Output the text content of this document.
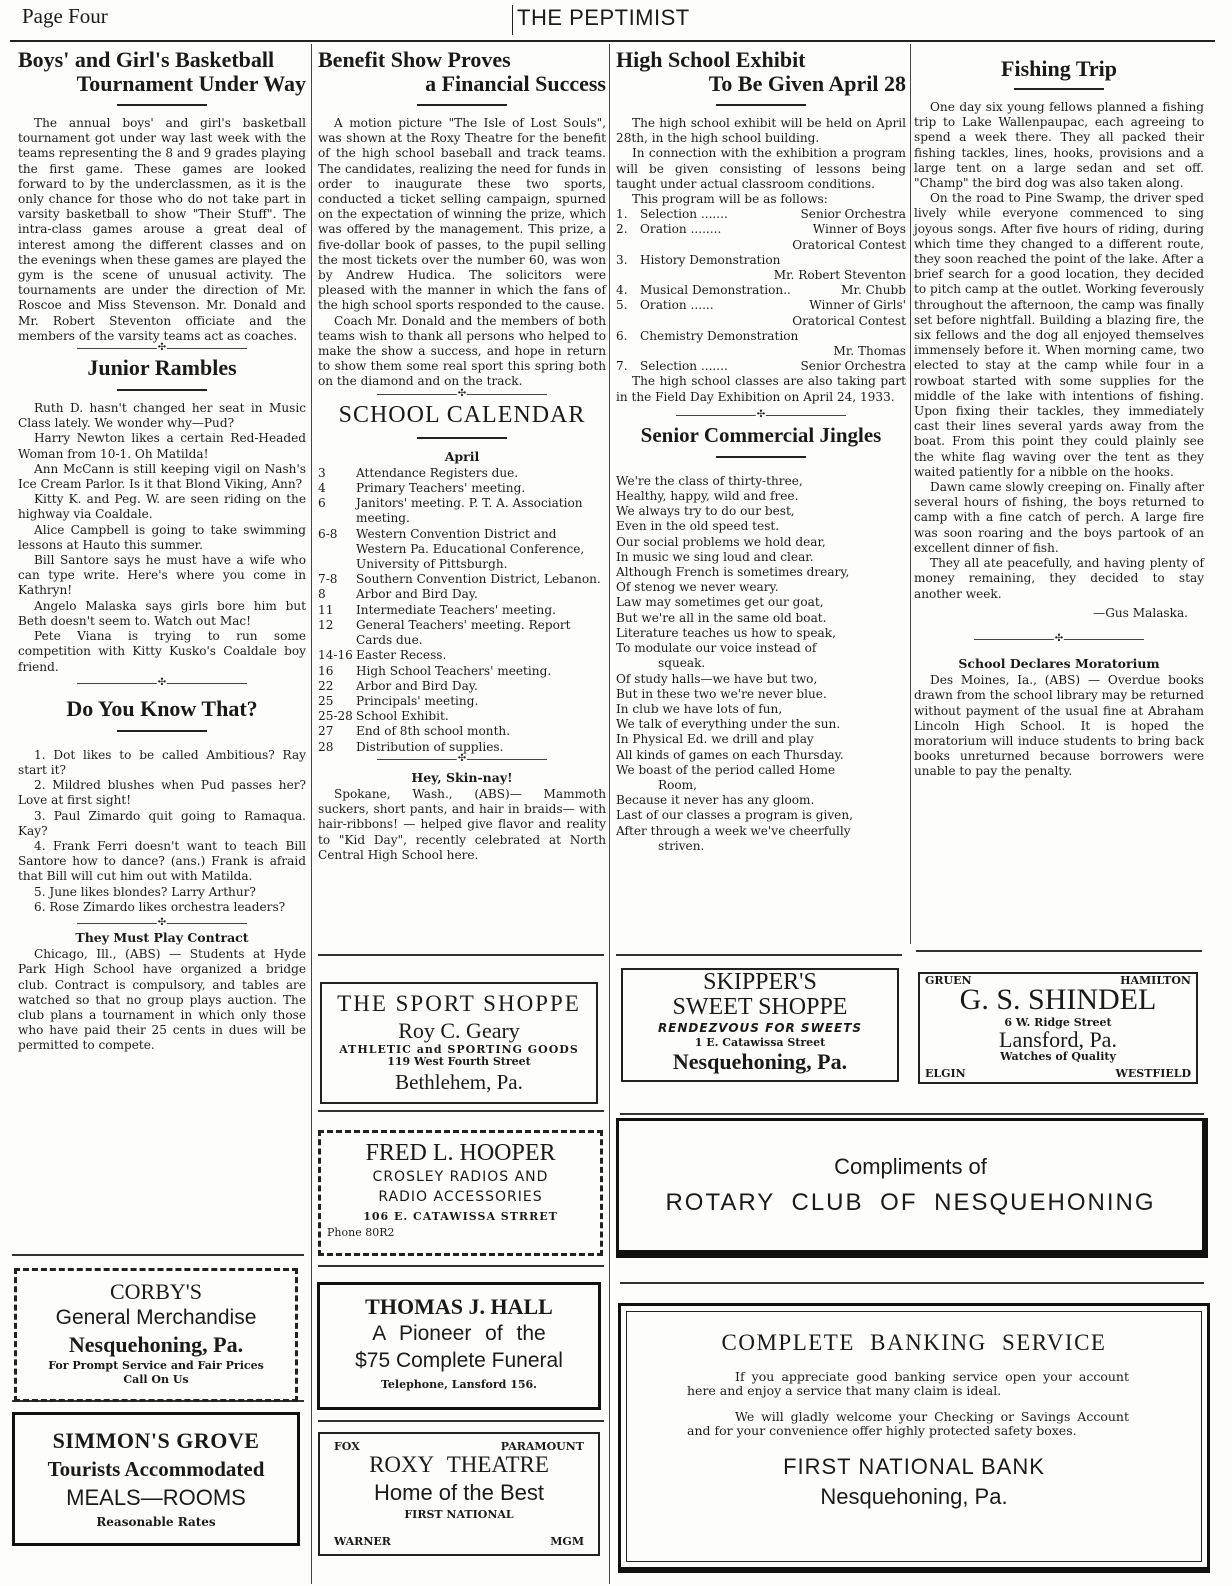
Page Four	THE PEPTIMIST
Boys' and Girl's Basketball
Tournament Under Way

The annual boys' and girl's basketball tournament got under way last week with the teams representing the 8 and 9 grades playing the first game. These games are looked forward to by the underclassmen, as it is the only chance for those who do not take part in varsity basketball to show "Their Stuff". The intra-class games arouse a great deal of interest among the different classes and on the evenings when these games are played the gym is the scene of unusual activity. The tournaments are under the direction of Mr. Roscoe and Miss Stevenson. Mr. Donald and Mr. Robert Steventon officiate and the members of the varsity teams act as coaches.

✣
Junior Rambles

Ruth D. hasn't changed her seat in Music Class lately. We wonder why—Pud?

Harry Newton likes a certain Red-Headed Woman from 10-1. Oh Matilda!

Ann McCann is still keeping vigil on Nash's Ice Cream Parlor. Is it that Blond Viking, Ann?

Kitty K. and Peg. W. are seen riding on the highway via Coaldale.

Alice Campbell is going to take swimming lessons at Hauto this summer.

Bill Santore says he must have a wife who can type write. Here's where you come in Kathryn!

Angelo Malaska says girls bore him but Beth doesn't seem to. Watch out Mac!

Pete Viana is trying to run some competition with Kitty Kusko's Coaldale boy friend.

✣
Do You Know That?

1. Dot likes to be called Ambitious? Ray start it?

2. Mildred blushes when Pud passes her? Love at first sight!

3. Paul Zimardo quit going to Ramaqua. Kay?

4. Frank Ferri doesn't want to teach Bill Santore how to dance? (ans.) Frank is afraid that Bill will cut him out with Matilda.

5. June likes blondes? Larry Arthur?

6. Rose Zimardo likes orchestra leaders?

✣
They Must Play Contract

Chicago, Ill., (ABS) — Students at Hyde Park High School have organized a bridge club. Contract is compulsory, and tables are watched so that no group plays auction. The club plans a tournament in which only those who have paid their 25 cents in dues will be permitted to compete.

Benefit Show Proves
a Financial Success

A motion picture "The Isle of Lost Souls", was shown at the Roxy Theatre for the benefit of the high school baseball and track teams. The candidates, realizing the need for funds in order to inaugurate these two sports, conducted a ticket selling campaign, spurned on the expectation of winning the prize, which was offered by the management. This prize, a five-dollar book of passes, to the pupil selling the most tickets over the number 60, was won by Andrew Hudica. The solicitors were pleased with the manner in which the fans of the high school sports responded to the cause.

Coach Mr. Donald and the members of both teams wish to thank all persons who helped to make the show a success, and hope in return to show them some real sport this spring both on the diamond and on the track.

✣
SCHOOL CALENDAR
April
3	Attendance Registers due.
4	Primary Teachers' meeting.
6	Janitors' meeting. P. T. A. Association meeting.
6-8	Western Convention District and Western Pa. Educational Conference, University of Pittsburgh.
7-8	Southern Convention District, Lebanon.
8	Arbor and Bird Day.
11	Intermediate Teachers' meeting.
12	General Teachers' meeting. Report Cards due.
14-16 Easter Recess.
16	High School Teachers' meeting.
22	Arbor and Bird Day.
25	Principals' meeting.
25-28 School Exhibit.
27	End of 8th school month.
28	Distribution of supplies.
✣
Hey, Skin-nay!

Spokane, Wash., (ABS)— Mammoth suckers, short pants, and hair in braids— with hair-ribbons! — helped give flavor and reality to "Kid Day", recently celebrated at North Central High School here.

High School Exhibit
To Be Given April 28

The high school exhibit will be held on April 28th, in the high school building.

In connection with the exhibition a program will be given consisting of lessons being taught under actual classroom conditions.

This program will be as follows:

1. Selection .......	Senior Orchestra
2. Oration ........	Winner of Boys
Oratorical Contest
3. History Demonstration
Mr. Robert Steventon
4. Musical Demonstration..	Mr. Chubb
5. Oration ......	Winner of Girls'
Oratorical Contest
6. Chemistry Demonstration
Mr. Thomas
7. Selection .......	Senior Orchestra

The high school classes are also taking part in the Field Day Exhibition on April 24, 1933.

✣
Senior Commercial Jingles

We're the class of thirty-three,

Healthy, happy, wild and free.

We always try to do our best,

Even in the old speed test.

Our social problems we hold dear,

In music we sing loud and clear.

Although French is sometimes dreary,

Of stenog we never weary.

Law may sometimes get our goat,

But we're all in the same old boat.

Literature teaches us how to speak,

To modulate our voice instead of

squeak.

Of study halls—we have but two,

But in these two we're never blue.

In club we have lots of fun,

We talk of everything under the sun.

In Physical Ed. we drill and play

All kinds of games on each Thursday.

We boast of the period called Home

Room,

Because it never has any gloom.

Last of our classes a program is given,

After through a week we've cheerfully

striven.

Fishing Trip

One day six young fellows planned a fishing trip to Lake Wallenpaupac, each agreeing to spend a week there. They all packed their fishing tackles, lines, hooks, provisions and a large tent on a large sedan and set off. "Champ" the bird dog was also taken along.

On the road to Pine Swamp, the driver sped lively while everyone commenced to sing joyous songs. After five hours of riding, during which time they changed to a different route, they soon reached the point of the lake. After a brief search for a good location, they decided to pitch camp at the outlet. Working feverously throughout the afternoon, the camp was finally set before nightfall. Building a blazing fire, the six fellows and the dog all enjoyed themselves immensely before it. When morning came, two elected to stay at the camp while four in a rowboat started with some supplies for the middle of the lake with intentions of fishing. Upon fixing their tackles, they immediately cast their lines several yards away from the boat. From this point they could plainly see the white flag waving over the tent as they waited patiently for a nibble on the hooks.

Dawn came slowly creeping on. Finally after several hours of fishing, the boys returned to camp with a fine catch of perch. A large fire was soon roaring and the boys partook of an excellent dinner of fish.

They all ate peacefully, and having plenty of money remaining, they decided to stay another week.

—Gus Malaska.
✣
School Declares Moratorium

Des Moines, Ia., (ABS) — Overdue books drawn from the school library may be returned without payment of the usual fine at Abraham Lincoln High School. It is hoped the moratorium will induce students to bring back books unreturned because borrowers were unable to pay the penalty.

THE SPORT SHOPPE
Roy C. Geary
ATHLETIC and SPORTING GOODS
119 West Fourth Street
Bethlehem, Pa.
SKIPPER'S
SWEET SHOPPE
RENDEZVOUS FOR SWEETS
1 E. Catawissa Street
Nesquehoning, Pa.
GRUEN	HAMILTON
G. S. SHINDEL
6 W. Ridge Street
Lansford, Pa.
Watches of Quality
ELGIN	WESTFIELD
FRED L. HOOPER
CROSLEY RADIOS AND
RADIO ACCESSORIES
106 E. CATAWISSA STRRET
Phone 80R2
Compliments of
ROTARY CLUB OF NESQUEHONING
CORBY'S
General Merchandise
Nesquehoning, Pa.
For Prompt Service and Fair Prices
Call On Us
THOMAS J. HALL
A Pioneer of the
$75 Complete Funeral
Telephone, Lansford 156.
COMPLETE BANKING SERVICE
If you appreciate good banking service open your account here and enjoy a service that many claim is ideal.
We will gladly welcome your Checking or Savings Account and for your convenience offer highly protected safety boxes.
FIRST NATIONAL BANK
Nesquehoning, Pa.
SIMMON'S GROVE
Tourists Accommodated
MEALS—ROOMS
Reasonable Rates
FOX	PARAMOUNT
ROXY THEATRE
Home of the Best
FIRST NATIONAL
WARNER	MGM
